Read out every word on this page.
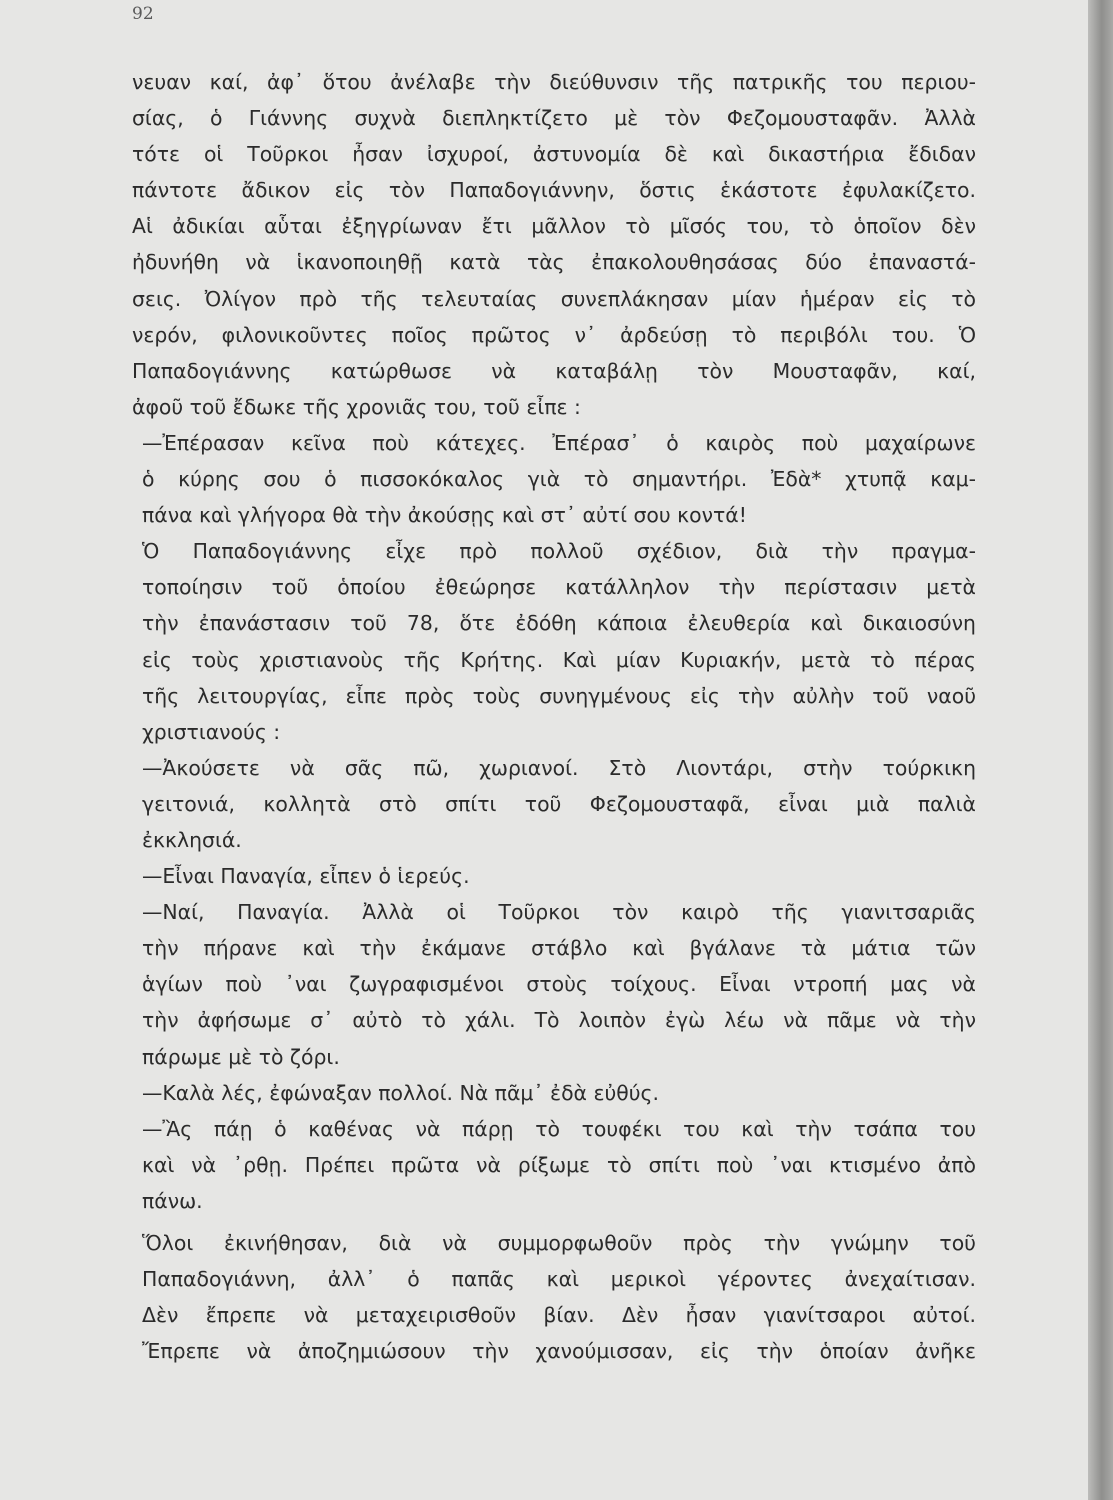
92

νευαν καί, ἀφ᾽ ὅτου ἀνέλαβε τὴν διεύθυνσιν τῆς πατρικῆς του περιου-
σίας, ὁ Γιάννης συχνὰ διεπληκτίζετο μὲ τὸν Φεζομουσταφᾶν. Ἀλλὰ
τότε οἱ Τοῦρκοι ἦσαν ἰσχυροί, ἀστυνομία δὲ καὶ δικαστήρια ἔδιδαν
πάντοτε ἄδικον εἰς τὸν Παπαδογιάννην, ὅστις ἑκάστοτε ἐφυλακίζετο.
Αἱ ἀδικίαι αὗται ἐξηγρίωναν ἔτι μᾶλλον τὸ μῖσός του, τὸ ὁποῖον δὲν
ἠδυνήθη νὰ ἱκανοποιηθῇ κατὰ τὰς ἐπακολουθησάσας δύο ἐπαναστά-
σεις. Ὀλίγον πρὸ τῆς τελευταίας συνεπλάκησαν μίαν ἡμέραν εἰς τὸ
νερόν, φιλονικοῦντες ποῖος πρῶτος ν᾽ ἀρδεύσῃ τὸ περιβόλι του. Ὁ
Παπαδογιάννης κατώρθωσε νὰ καταβάλῃ τὸν Μουσταφᾶν, καί,
ἀφοῦ τοῦ ἔδωκε τῆς χρονιᾶς του, τοῦ εἶπε :

—Ἐπέρασαν κεῖνα ποὺ κάτεχες. Ἐπέρασ᾽ ὁ καιρὸς ποὺ μαχαίρωνε
ὁ κύρης σου ὁ πισσοκόκαλος γιὰ τὸ σημαντήρι. Ἐδὰ* χτυπᾷ καμ-
πάνα καὶ γλήγορα θὰ τὴν ἀκούσῃς καὶ στ᾽ αὐτί σου κοντά!

Ὁ Παπαδογιάννης εἶχε πρὸ πολλοῦ σχέδιον, διὰ τὴν πραγμα-
τοποίησιν τοῦ ὁποίου ἐθεώρησε κατάλληλον τὴν περίστασιν μετὰ
τὴν ἐπανάστασιν τοῦ 78, ὅτε ἐδόθη κάποια ἐλευθερία καὶ δικαιοσύνη
εἰς τοὺς χριστιανοὺς τῆς Κρήτης. Καὶ μίαν Κυριακήν, μετὰ τὸ πέρας
τῆς λειτουργίας, εἶπε πρὸς τοὺς συνηγμένους εἰς τὴν αὐλὴν τοῦ ναοῦ
χριστιανούς :

—Ἀκούσετε νὰ σᾶς πῶ, χωριανοί. Στὸ Λιοντάρι, στὴν τούρκικη
γειτονιά, κολλητὰ στὸ σπίτι τοῦ Φεζομουσταφᾶ, εἶναι μιὰ παλιὰ
ἐκκλησιά.

—Εἶναι Παναγία, εἶπεν ὁ ἱερεύς.

—Ναί, Παναγία. Ἀλλὰ οἱ Τοῦρκοι τὸν καιρὸ τῆς γιανιτσαριᾶς
τὴν πήρανε καὶ τὴν ἐκάμανε στάβλο καὶ βγάλανε τὰ μάτια τῶν
ἁγίων ποὺ ᾽ναι ζωγραφισμένοι στοὺς τοίχους. Εἶναι ντροπή μας νὰ
τὴν ἀφήσωμε σ᾽ αὐτὸ τὸ χάλι. Τὸ λοιπὸν ἐγὼ λέω νὰ πᾶμε νὰ τὴν
πάρωμε μὲ τὸ ζόρι.

—Καλὰ λές, ἐφώναξαν πολλοί. Νὰ πᾶμ᾽ ἐδὰ εὐθύς.

—Ἂς πάῃ ὁ καθένας νὰ πάρῃ τὸ τουφέκι του καὶ τὴν τσάπα του
καὶ νὰ ᾽ρθῃ. Πρέπει πρῶτα νὰ ρίξωμε τὸ σπίτι ποὺ ᾽ναι κτισμένο ἀπὸ
πάνω.

Ὅλοι ἐκινήθησαν, διὰ νὰ συμμορφωθοῦν πρὸς τὴν γνώμην τοῦ
Παπαδογιάννη, ἀλλ᾽ ὁ παπᾶς καὶ μερικοὶ γέροντες ἀνεχαίτισαν.
Δὲν ἔπρεπε νὰ μεταχειρισθοῦν βίαν. Δὲν ἦσαν γιανίτσαροι αὐτοί.
Ἔπρεπε νὰ ἀποζημιώσουν τὴν χανούμισσαν, εἰς τὴν ὁποίαν ἀνῆκε
